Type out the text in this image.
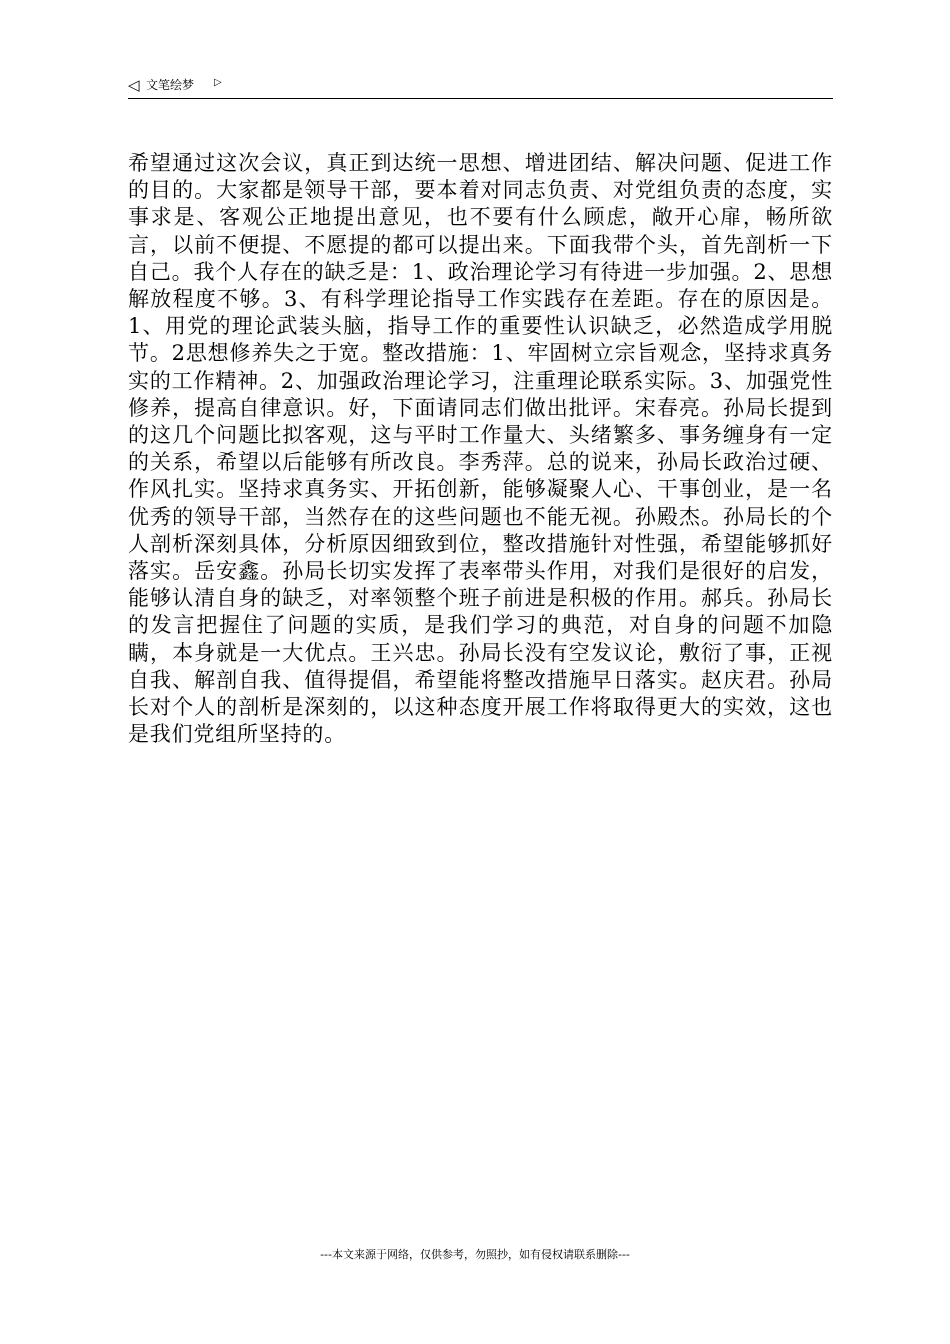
◁ 文笔绘梦 ▷
希望通过这次会议，真正到达统一思想、增进团结、解决问题、促进工作的目的。大家都是领导干部，要本着对同志负责、对党组负责的态度，实事求是、客观公正地提出意见，也不要有什么顾虑，敞开心扉，畅所欲言，以前不便提、不愿提的都可以提出来。下面我带个头，首先剖析一下自己。我个人存在的缺乏是：1、政治理论学习有待进一步加强。2、思想解放程度不够。3、有科学理论指导工作实践存在差距。存在的原因是。1、用党的理论武装头脑，指导工作的重要性认识缺乏，必然造成学用脱节。2思想修养失之于宽。整改措施：1、牢固树立宗旨观念，坚持求真务实的工作精神。2、加强政治理论学习，注重理论联系实际。3、加强党性修养，提高自律意识。好，下面请同志们做出批评。宋春亮。孙局长提到的这几个问题比拟客观，这与平时工作量大、头绪繁多、事务缠身有一定的关系，希望以后能够有所改良。李秀萍。总的说来，孙局长政治过硬、作风扎实。坚持求真务实、开拓创新，能够凝聚人心、干事创业，是一名优秀的领导干部，当然存在的这些问题也不能无视。孙殿杰。孙局长的个人剖析深刻具体，分析原因细致到位，整改措施针对性强，希望能够抓好落实。岳安鑫。孙局长切实发挥了表率带头作用，对我们是很好的启发，能够认清自身的缺乏，对率领整个班子前进是积极的作用。郝兵。孙局长的发言把握住了问题的实质，是我们学习的典范，对自身的问题不加隐瞒，本身就是一大优点。王兴忠。孙局长没有空发议论，敷衍了事，正视自我、解剖自我、值得提倡，希望能将整改措施早日落实。赵庆君。孙局长对个人的剖析是深刻的，以这种态度开展工作将取得更大的实效，这也是我们党组所坚持的。
---本文来源于网络，仅供参考，勿照抄，如有侵权请联系删除---
